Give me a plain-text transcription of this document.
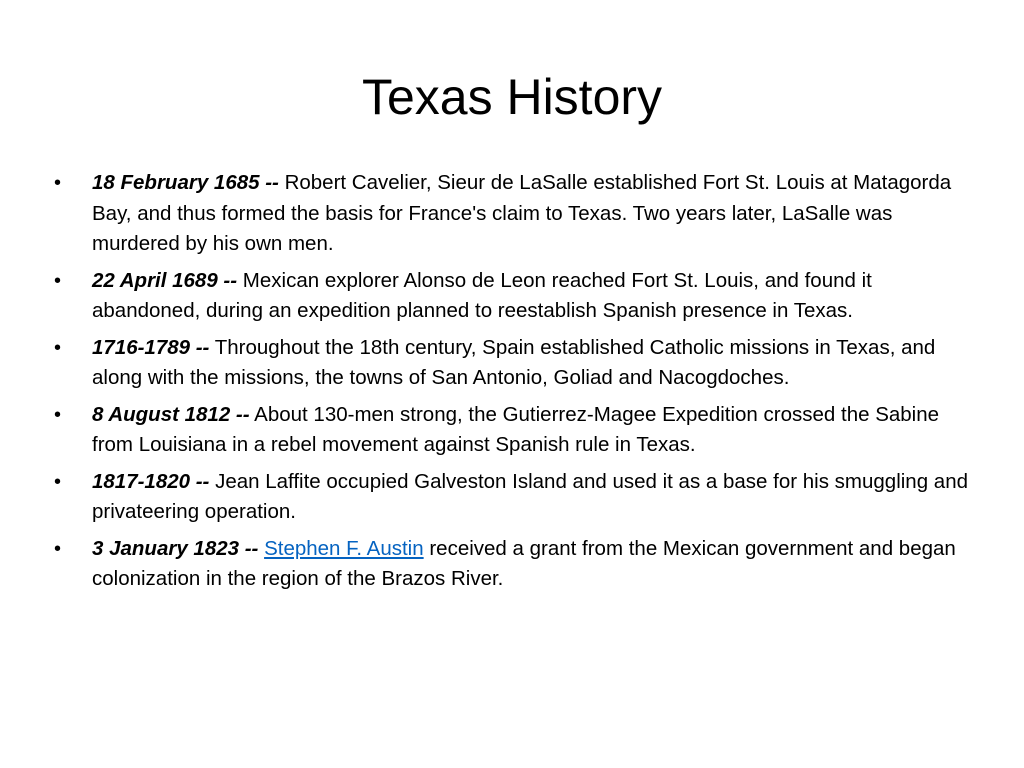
Texas History
• 18 February 1685 -- Robert Cavelier, Sieur de LaSalle established Fort St. Louis at Matagorda Bay, and thus formed the basis for France's claim to Texas. Two years later, LaSalle was murdered by his own men.
• 22 April 1689 -- Mexican explorer Alonso de Leon reached Fort St. Louis, and found it abandoned, during an expedition planned to reestablish Spanish presence in Texas.
• 1716-1789 -- Throughout the 18th century, Spain established Catholic missions in Texas, and along with the missions, the towns of San Antonio, Goliad and Nacogdoches.
• 8 August 1812 -- About 130-men strong, the Gutierrez-Magee Expedition crossed the Sabine from Louisiana in a rebel movement against Spanish rule in Texas.
• 1817-1820 -- Jean Laffite occupied Galveston Island and used it as a base for his smuggling and privateering operation.
• 3 January 1823 -- Stephen F. Austin received a grant from the Mexican government and began colonization in the region of the Brazos River.
